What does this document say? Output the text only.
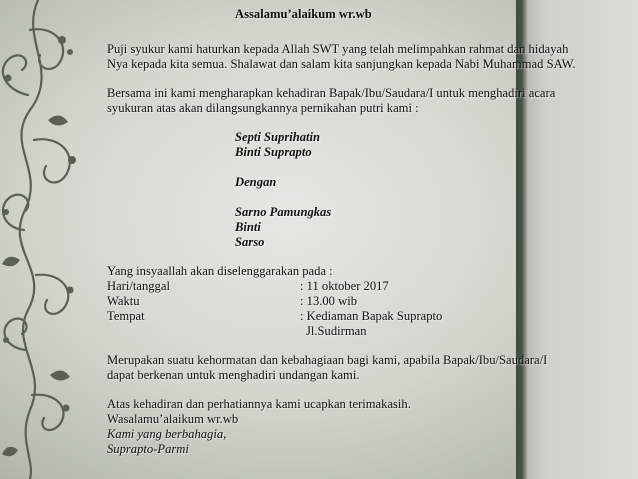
Assalamu’alaikum wr.wb
Puji syukur kami haturkan kepada Allah SWT yang telah melimpahkan rahmat dan hidayah
Nya kepada kita semua. Shalawat dan salam kita sanjungkan kepada Nabi Muhammad SAW.
Bersama ini kami mengharapkan kehadiran Bapak/Ibu/Saudara/I untuk menghadiri acara
syukuran atas akan dilangsungkannya pernikahan putri kami :
Septi Suprihatin
Binti Suprapto
Dengan
Sarno Pamungkas
Binti
Sarso
Yang insyaallah akan diselenggarakan pada :
Hari/tanggal	: 11 oktober 2017
Waktu	: 13.00 wib
Tempat	: Kediaman Bapak Suprapto
Jl.Sudirman
Merupakan suatu kehormatan dan kebahagiaan bagi kami, apabila Bapak/Ibu/Saudara/I
dapat berkenan untuk menghadiri undangan kami.
Atas kehadiran dan perhatiannya kami ucapkan terimakasih.
Wasalamu’alaikum wr.wb
Kami yang berbahagia,
Suprapto-Parmi
